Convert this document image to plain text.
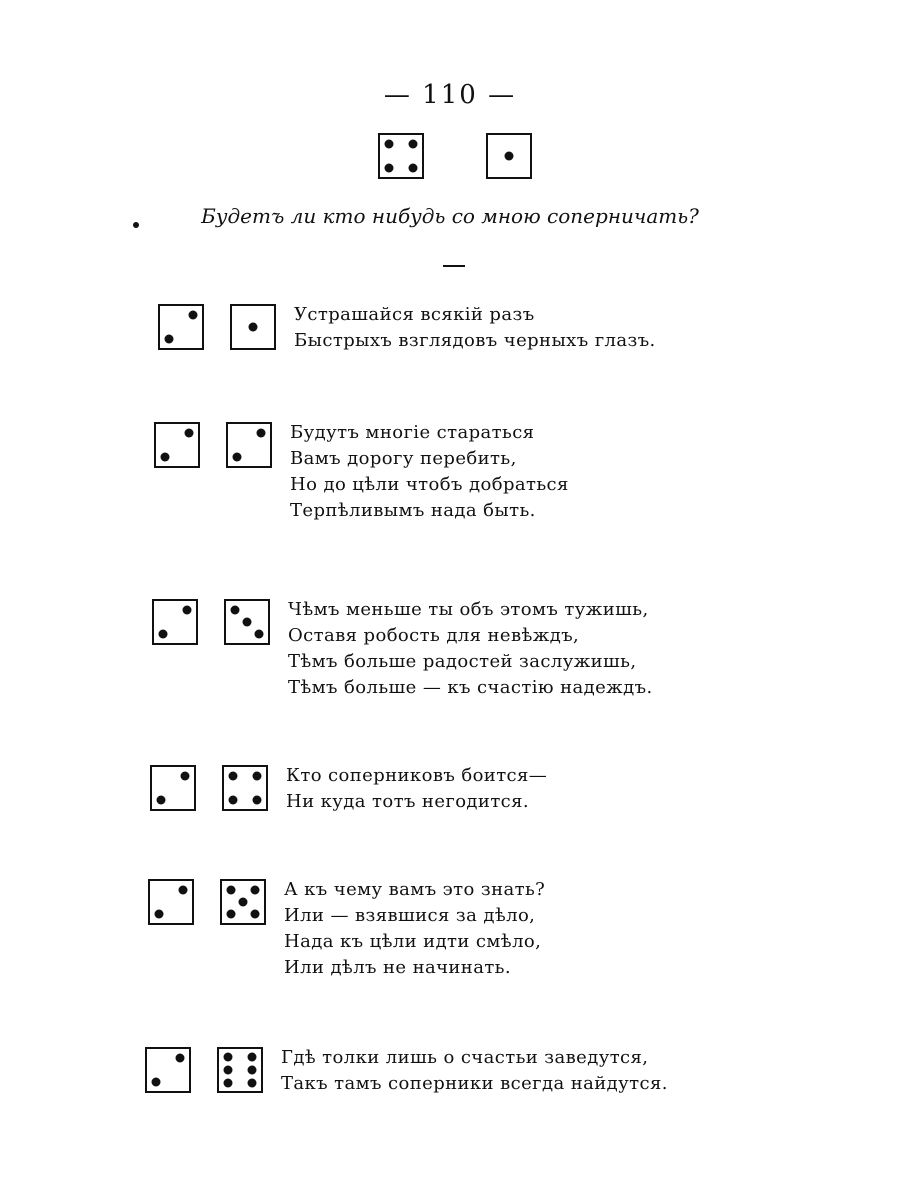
— 110 —
Будетъ ли кто нибудь со мною соперничать?
Устрашайся всякiй разъ
Быстрыхъ взглядовъ черныхъ глазъ.
Будутъ многiе стараться
Вамъ дорогу перебить,
Но до цѣли чтобъ добраться
Терпѣливымъ нада быть.
Чѣмъ меньше ты объ этомъ тужишь,
Оставя робость для невѣждъ,
Тѣмъ больше радостей заслужишь,
Тѣмъ больше — къ счастiю надеждъ.
Кто соперниковъ боится—
Ни куда тотъ негодится.
А къ чему вамъ это знать?
Или — взявшися за дѣло,
Нада къ цѣли идти смѣло,
Или дѣлъ не начинать.
Гдѣ толки лишь о счастьи заведутся,
Такъ тамъ соперники всегда найдутся.
